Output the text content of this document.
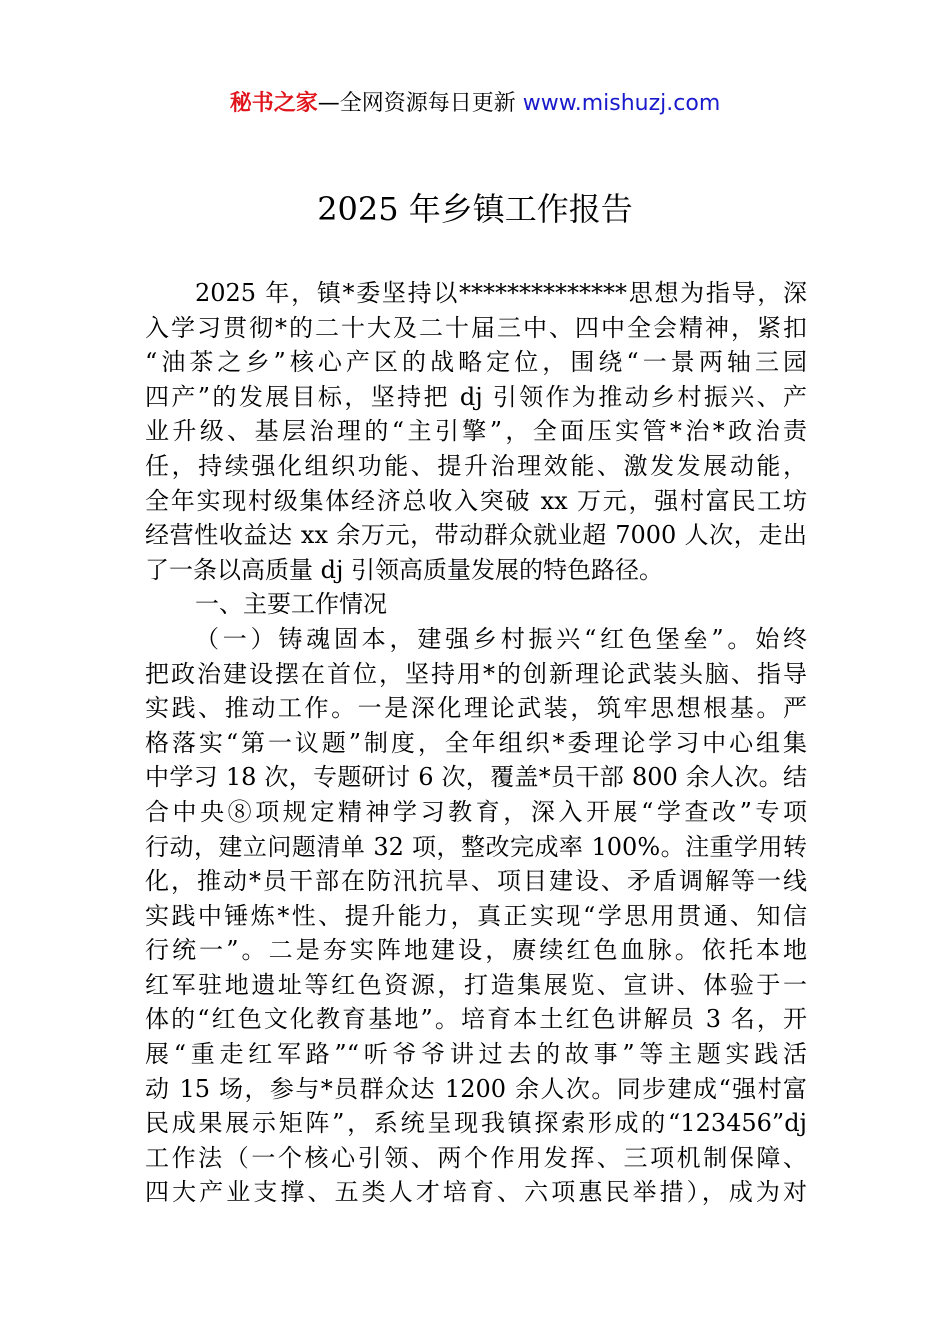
秘书之家—全网资源每日更新 www.mishuzj.com
2025 年乡镇工作报告
2025 年，镇*委坚持以**************思想为指导，深
入学习贯彻*的二十大及二十届三中、四中全会精神，紧扣
“油茶之乡”核心产区的战略定位，围绕“一景两轴三园
四产”的发展目标，坚持把 dj 引领作为推动乡村振兴、产
业升级、基层治理的“主引擎”，全面压实管*治*政治责
任，持续强化组织功能、提升治理效能、激发发展动能，
全年实现村级集体经济总收入突破 xx 万元，强村富民工坊
经营性收益达 xx 余万元，带动群众就业超 7000 人次，走出
了一条以高质量 dj 引领高质量发展的特色路径。
一、主要工作情况
（一）铸魂固本，建强乡村振兴“红色堡垒”。始终
把政治建设摆在首位，坚持用*的创新理论武装头脑、指导
实践、推动工作。一是深化理论武装，筑牢思想根基。严
格落实“第一议题”制度，全年组织*委理论学习中心组集
中学习 18 次，专题研讨 6 次，覆盖*员干部 800 余人次。结
合中央⑧项规定精神学习教育，深入开展“学查改”专项
行动，建立问题清单 32 项，整改完成率 100%。注重学用转
化，推动*员干部在防汛抗旱、项目建设、矛盾调解等一线
实践中锤炼*性、提升能力，真正实现“学思用贯通、知信
行统一”。二是夯实阵地建设，赓续红色血脉。依托本地
红军驻地遗址等红色资源，打造集展览、宣讲、体验于一
体的“红色文化教育基地”。培育本土红色讲解员 3 名，开
展“重走红军路”“听爷爷讲过去的故事”等主题实践活
动 15 场，参与*员群众达 1200 余人次。同步建成“强村富
民成果展示矩阵”，系统呈现我镇探索形成的“123456”dj
工作法（一个核心引领、两个作用发挥、三项机制保障、
四大产业支撑、五类人才培育、六项惠民举措），成为对
